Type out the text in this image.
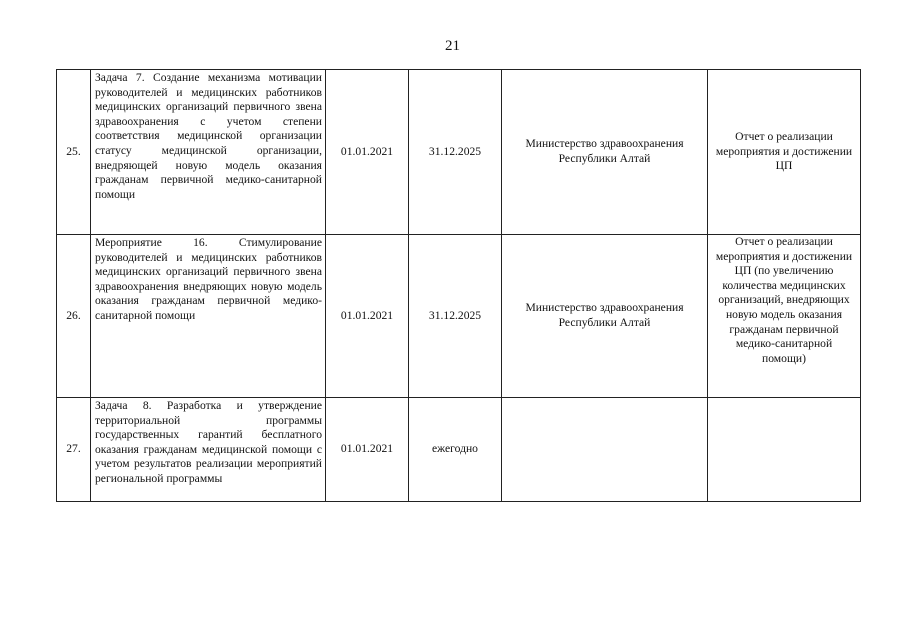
21
25.	Задача 7. Создание механизма мотивации руководителей и медицинских работников медицинских организаций первичного звена здравоохранения с учетом степени соответствия медицинской организации статусу медицинской организации, внедряющей новую модель оказания гражданам первичной медико-санитарной помощи	01.01.2021	31.12.2025	Министерство здравоохранения Республики Алтай	Отчет о реализации мероприятия и достижении ЦП
26.	Мероприятие 16. Стимулирование руководителей и медицинских работников медицинских организаций первичного звена здравоохранения внедряющих новую модель оказания гражданам первичной медико-санитарной помощи	01.01.2021	31.12.2025	Министерство здравоохранения Республики Алтай	Отчет о реализации мероприятия и достижении ЦП (по увеличению количества медицинских организаций, внедряющих новую модель оказания гражданам первичной медико-санитарной помощи)
27.	Задача 8. Разработка и утверждение территориальной программы государственных гарантий бесплатного оказания гражданам медицинской помощи с учетом результатов реализации мероприятий региональной программы	01.01.2021	ежегодно		
